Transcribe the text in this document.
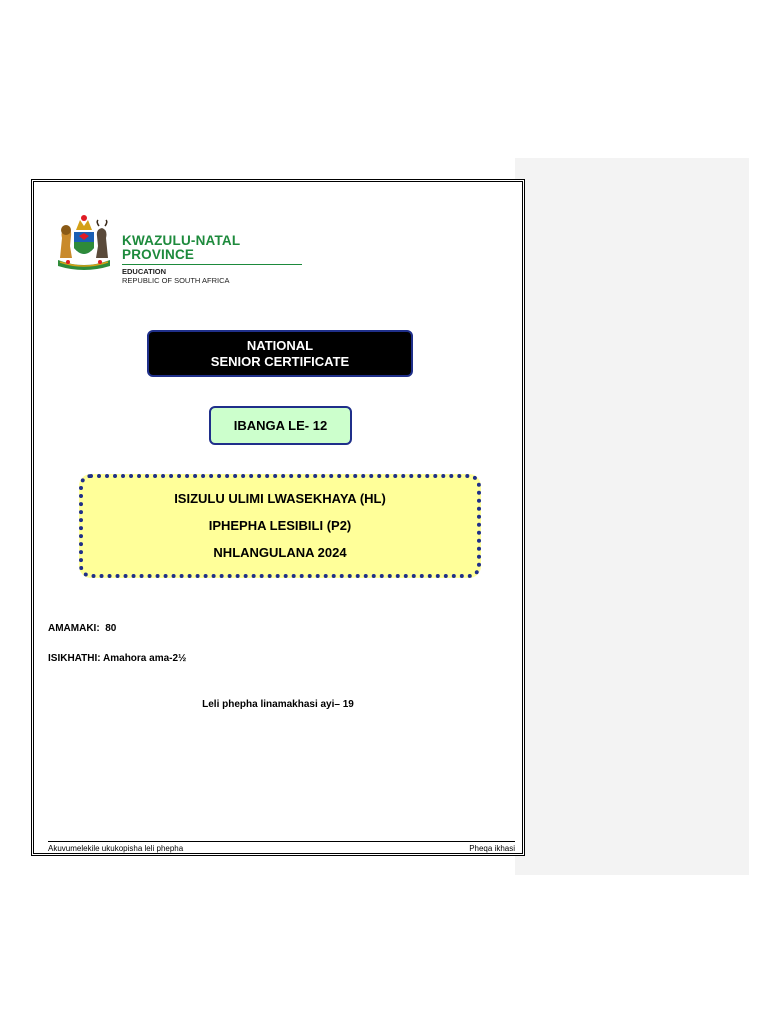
KWAZULU-NATAL PROVINCE
EDUCATION
REPUBLIC OF SOUTH AFRICA
NATIONAL
SENIOR CERTIFICATE
IBANGA LE- 12
ISIZULU ULIMI LWASEKHAYA (HL)
IPHEPHA LESIBILI (P2)
NHLANGULANA 2024
AMAMAKI: 80
ISIKHATHI: Amahora ama-2½
Leli phepha linamakhasi ayi– 19
Akuvumelekile ukukopisha leli phepha	Pheqa ikhasi
